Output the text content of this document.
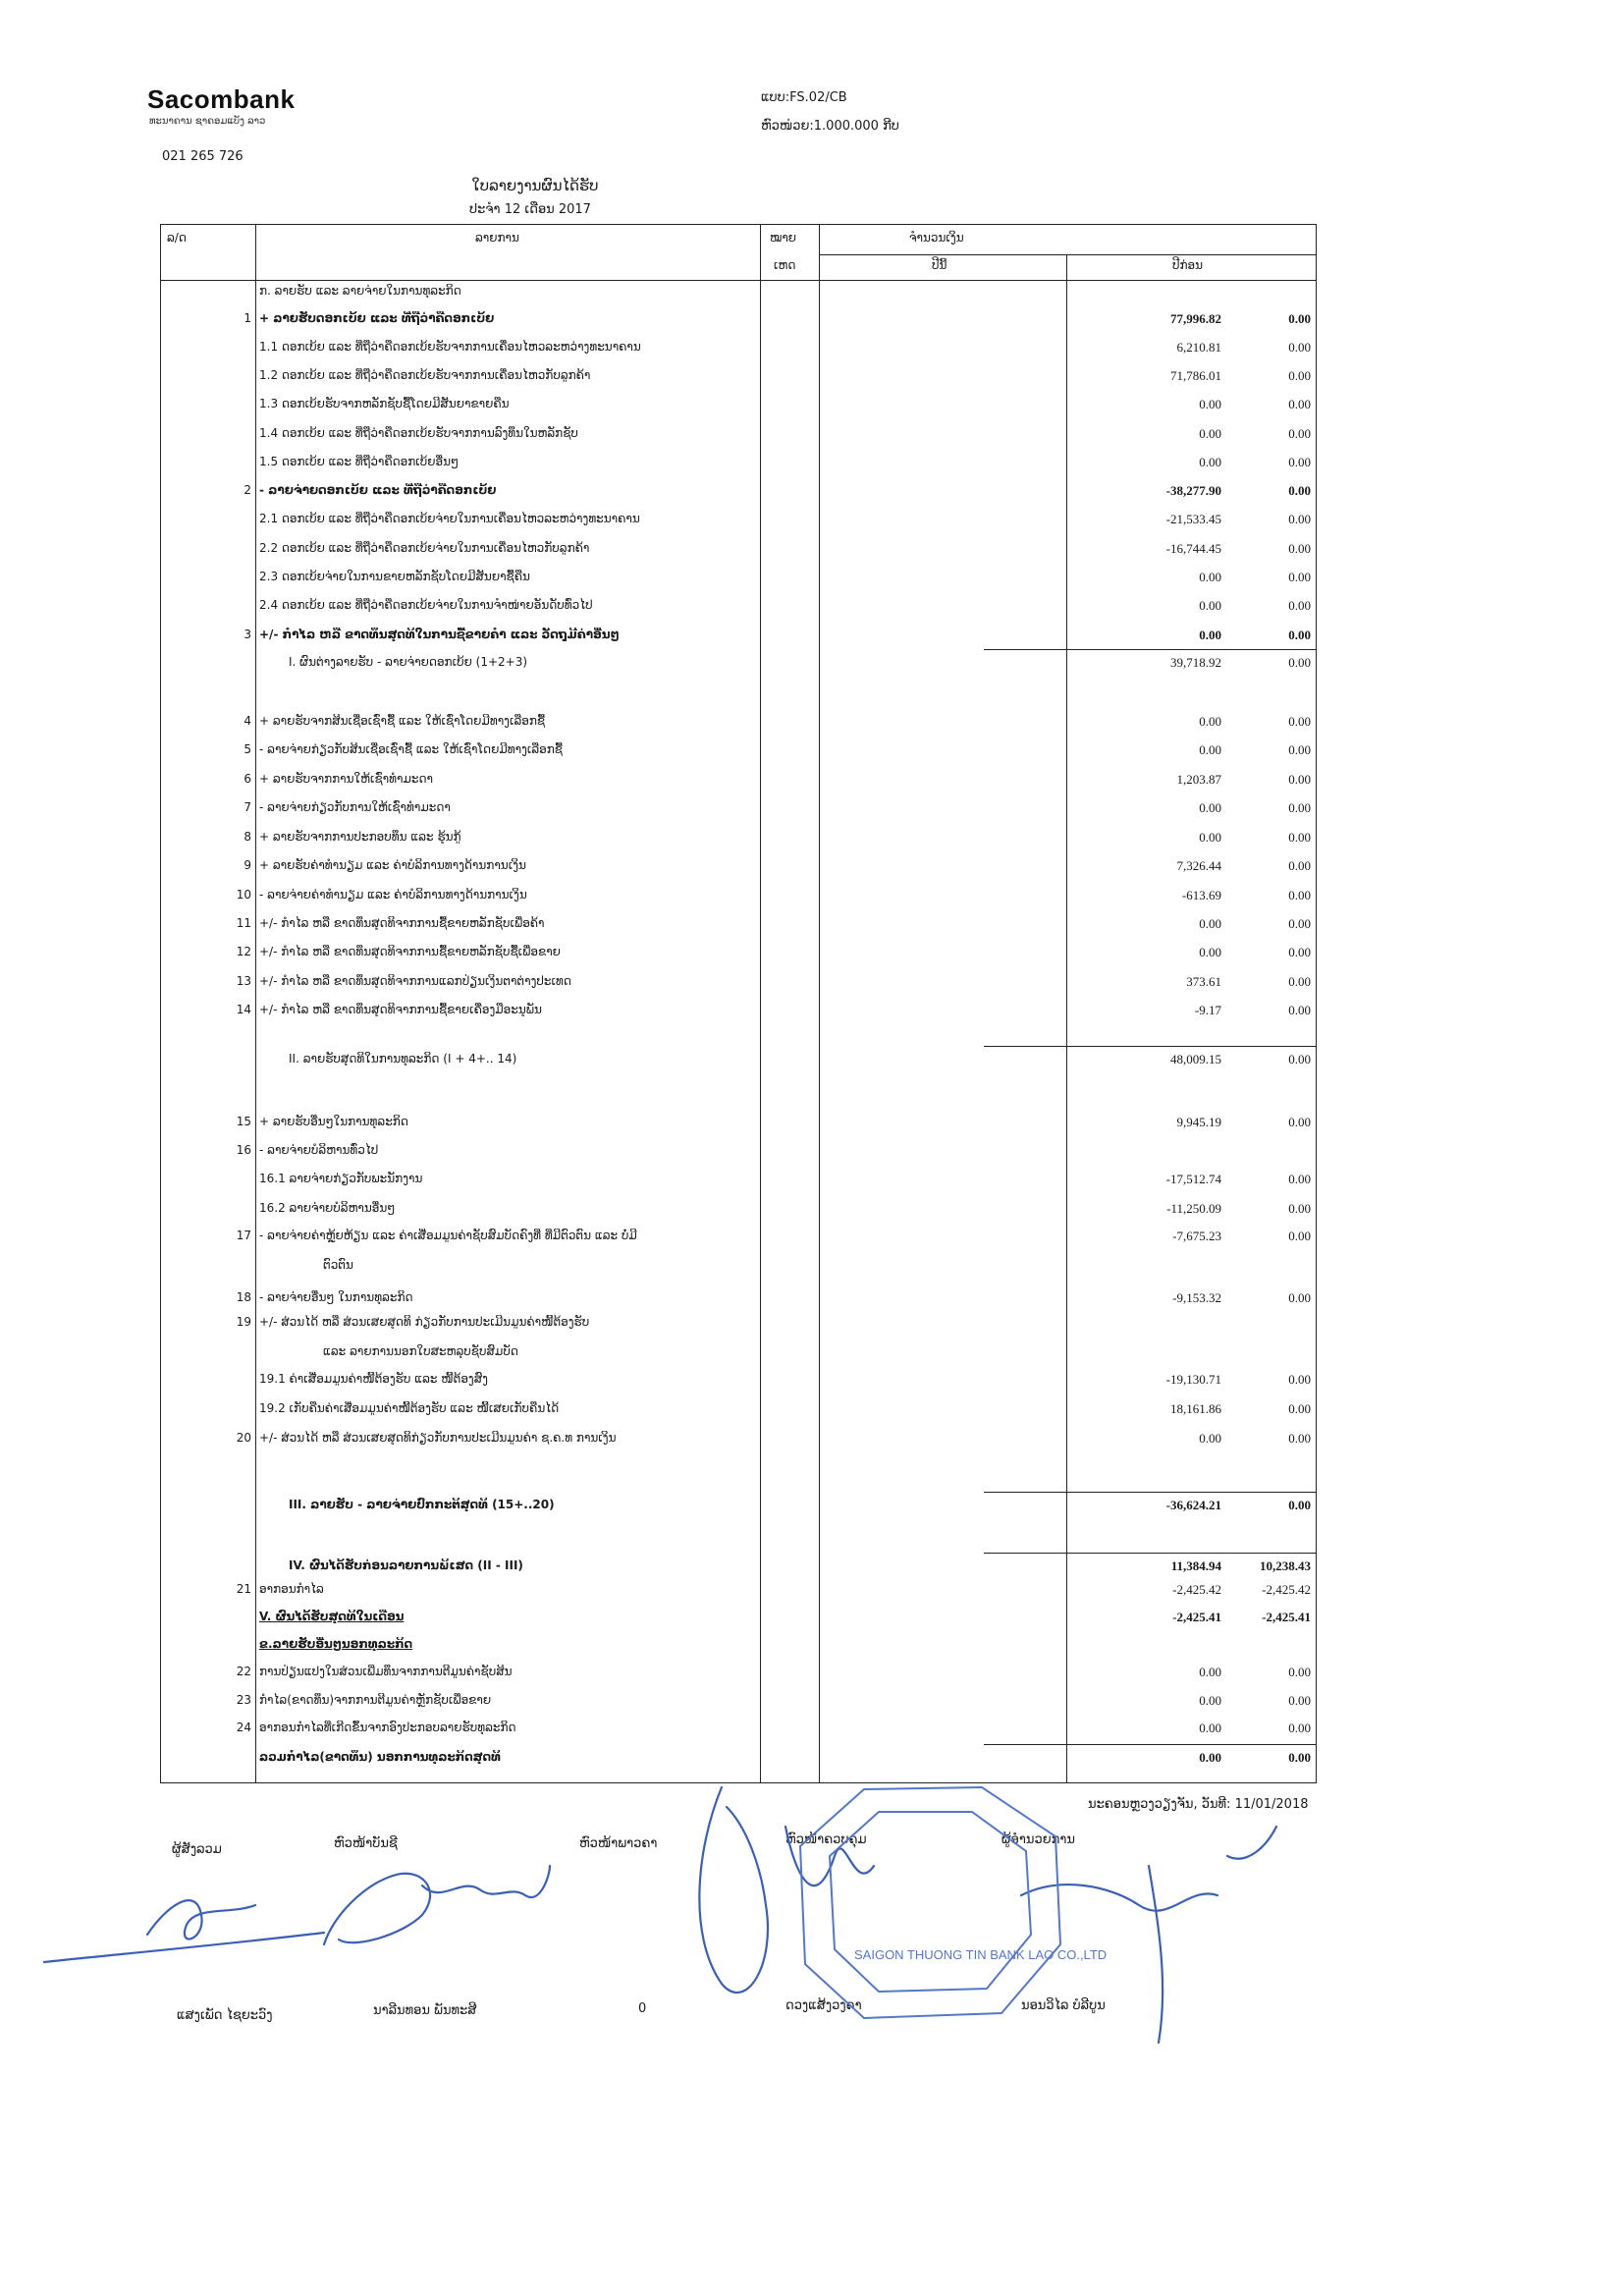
Sacombank
ທະນາຄານ ຊາຄອມແບັງ ລາວ
021 265 726
ແບບ:FS.02/CB
ຫົວໜ່ວຍ:1.000.000 ກີບ
ໃບລາຍງານຜົນໄດ້ຮັບ
ປະຈໍາ 12 ເດືອນ 2017
ລ/ດ	ລາຍການ	ໝາຍ
ເຫດ
ຈໍານວນເງິນ
ປີນີ້	ປີກ່ອນ
ກ. ລາຍຮັບ ແລະ ລາຍຈ່າຍໃນການທຸລະກິດ
1 + ລາຍຮັບດອກເບ້ຍ ແລະ ທີ່ຖືວ່າຄືດອກເບ້ຍ	77,996.82	0.00
1.1 ດອກເບ້ຍ ແລະ ທີ່ຖືວ່າຄືດອກເບ້ຍຮັບຈາກການເຄື່ອນໄຫວລະຫວ່າງທະນາຄານ	6,210.81	0.00
1.2 ດອກເບ້ຍ ແລະ ທີ່ຖືວ່າຄືດອກເບ້ຍຮັບຈາກການເຄື່ອນໄຫວກັບລູກຄ້າ	71,786.01	0.00
1.3 ດອກເບ້ຍຮັບຈາກຫລັກຊັບຊື້ໂດຍມີສັນຍາຂາຍຄືນ	0.00	0.00
1.4 ດອກເບ້ຍ ແລະ ທີ່ຖືວ່າຄືດອກເບ້ຍຮັບຈາກການລົງທຶນໃນຫລັກຊັບ	0.00	0.00
1.5 ດອກເບ້ຍ ແລະ ທີ່ຖືວ່າຄືດອກເບ້ຍອື່ນໆ	0.00	0.00
2 - ລາຍຈ່າຍດອກເບ້ຍ ແລະ ທີ່ຖືວ່າຄືດອກເບ້ຍ	-38,277.90	0.00
2.1 ດອກເບ້ຍ ແລະ ທີ່ຖືວ່າຄືດອກເບ້ຍຈ່າຍໃນການເຄື່ອນໄຫວລະຫວ່າງທະນາຄານ	-21,533.45	0.00
2.2 ດອກເບ້ຍ ແລະ ທີ່ຖືວ່າຄືດອກເບ້ຍຈ່າຍໃນການເຄື່ອນໄຫວກັບລູກຄ້າ	-16,744.45	0.00
2.3 ດອກເບ້ຍຈ່າຍໃນການຂາຍຫລັກຊັບໂດຍມີສັນຍາຊື້ຄືນ	0.00	0.00
2.4 ດອກເບ້ຍ ແລະ ທີ່ຖືວ່າຄືດອກເບ້ຍຈ່າຍໃນການຈໍາໜ່າຍອັນດັບທົ່ວໄປ	0.00	0.00
3 +/- ກໍາໄລ ຫລື ຂາດທຶນສຸດທິໃນການຊື້ຂາຍຄໍາ ແລະ ວັດຖຸມີຄ່າອື່ນໆ	0.00	0.00
I. ຜົນຕ່າງລາຍຮັບ - ລາຍຈ່າຍດອກເບ້ຍ (1+2+3)	39,718.92	0.00
4 + ລາຍຮັບຈາກສິນເຊື່ອເຊົ່າຊື້ ແລະ ໃຫ້ເຊົ່າໂດຍມີທາງເລືອກຊື້	0.00	0.00
5 - ລາຍຈ່າຍກ່ຽວກັບສິນເຊື່ອເຊົ່າຊື້ ແລະ ໃຫ້ເຊົ່າໂດຍມີທາງເລືອກຊື້	0.00	0.00
6 + ລາຍຮັບຈາກການໃຫ້ເຊົ່າທໍາມະດາ	1,203.87	0.00
7 - ລາຍຈ່າຍກ່ຽວກັບການໃຫ້ເຊົ່າທໍາມະດາ	0.00	0.00
8 + ລາຍຮັບຈາກການປະກອບທຶນ ແລະ ຮຸ້ນກູ້	0.00	0.00
9 + ລາຍຮັບຄ່າທໍານຽມ ແລະ ຄ່າບໍລິການທາງດ້ານການເງິນ	7,326.44	0.00
10 - ລາຍຈ່າຍຄ່າທໍານຽມ ແລະ ຄ່າບໍລິການທາງດ້ານການເງິນ	-613.69	0.00
11 +/- ກໍາໄລ ຫລື ຂາດທຶນສຸດທິຈາກການຊື້ຂາຍຫລັກຊັບເພື່ອຄ້າ	0.00	0.00
12 +/- ກໍາໄລ ຫລື ຂາດທຶນສຸດທິຈາກການຊື້ຂາຍຫລັກຊັບຊື້ເພື່ອຂາຍ	0.00	0.00
13 +/- ກໍາໄລ ຫລື ຂາດທຶນສຸດທິຈາກການແລກປ່ຽນເງິນຕາຕ່າງປະເທດ	373.61	0.00
14 +/- ກໍາໄລ ຫລື ຂາດທຶນສຸດທິຈາກການຊື້ຂາຍເຄື່ອງມືອະນຸພັນ	-9.17	0.00
II. ລາຍຮັບສຸດທິໃນການທຸລະກິດ (I + 4+.. 14)	48,009.15	0.00
15 + ລາຍຮັບອື່ນໆໃນການທຸລະກິດ	9,945.19	0.00
16 - ລາຍຈ່າຍບໍລິຫານທົ່ວໄປ
16.1 ລາຍຈ່າຍກ່ຽວກັບພະນັກງານ	-17,512.74	0.00
16.2 ລາຍຈ່າຍບໍລິຫານອື່ນໆ	-11,250.09	0.00
17 - ລາຍຈ່າຍຄ່າຫຼຸ້ຍຫ້ຽນ ແລະ ຄ່າເສື່ອມມູນຄ່າຊັບສົມບັດຄົງທີ່ ທີ່ມີຕົວຕົນ ແລະ ບໍ່ມີ	-7,675.23	0.00
ຕົວຕົນ
18 - ລາຍຈ່າຍອື່ນໆ ໃນການທຸລະກິດ	-9,153.32	0.00
19 +/- ສ່ວນໄດ້ ຫລື ສ່ວນເສຍສຸດທິ ກ່ຽວກັບການປະເມີນມູນຄ່າໜີ້ຕ້ອງຮັບ
ແລະ ລາຍການນອກໃບສະຫລຸບຊັບສົມບັດ
19.1 ຄ່າເສື່ອມມູນຄ່າໜີ້ຕ້ອງຮັບ ແລະ ໜີ້ຕ້ອງສົງ	-19,130.71	0.00
19.2 ເກັບຄືນຄ່າເສື່ອມມູນຄ່າໜີ້ຕ້ອງຮັບ ແລະ ໜີ້ເສຍເກັບຄືນໄດ້	18,161.86	0.00
20 +/- ສ່ວນໄດ້ ຫລື ສ່ວນເສຍສຸດທິກ່ຽວກັບການປະເມີນມູນຄ່າ ຊ.ຄ.ທ ການເງິນ	0.00	0.00
III. ລາຍຮັບ - ລາຍຈ່າຍປົກກະຕິສຸດທິ (15+..20)	-36,624.21	0.00
IV. ຜົນໄດ້ຮັບກ່ອນລາຍການພິເສດ (II - III)	11,384.94	10,238.43
21 ອາກອນກໍາໄລ	-2,425.42	-2,425.42
V. ຜົນໄດ້ຮັບສຸດທິໃນເດືອນ	-2,425.41	-2,425.41
ຂ.ລາຍຮັບອື່ນໆນອກທຸລະກິດ
22 ການປ່ຽນແປງໃນສ່ວນເພີ່ມທຶນຈາກການຕີມູນຄ່າຊັບສິນ	0.00	0.00
23 ກໍາໄລ(ຂາດທຶນ)ຈາກການຕີມູນຄ່າຫຼັກຊັບເພື່ອຂາຍ	0.00	0.00
24 ອາກອນກໍາໄລທີ່ເກີດຂຶ້ນຈາກອົງປະກອບລາຍຮັບທຸລະກິດ	0.00	0.00
ລວມກໍາໄລ(ຂາດທຶນ) ນອກການທຸລະກິດສຸດທິ	0.00	0.00
ນະຄອນຫຼວງວຽງຈັນ, ວັນທີ: 11/01/2018
ຜູ້ສັງລວມ	ຫົວໜ້າບັນຊີ	ຫົວໜ້າພາວຄາ	ຫົວໜ້າຄວບຄຸມ	ຜູ້ອໍານວຍການ
ແສງເພັດ ໄຊຍະວົງ	ນາລີນທອນ ພັນທະສີ	0	ດວງແສ້ງວງຄາ	ນອນວິໄລ ບໍລີບູນ
SAIGON THUONG TIN BANK LAO CO.,LTD
